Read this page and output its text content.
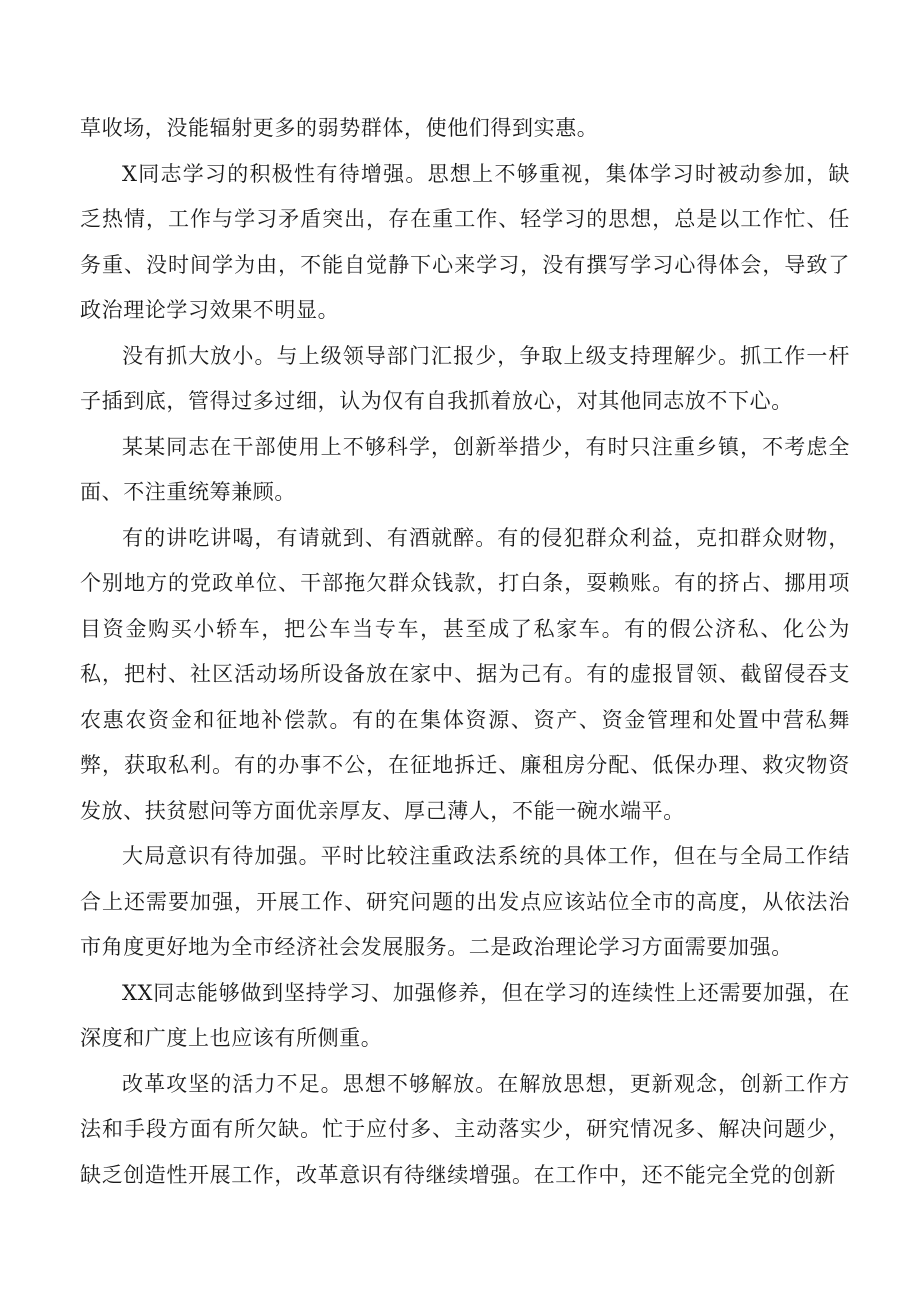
草收场，没能辐射更多的弱势群体，使他们得到实惠。

X同志学习的积极性有待增强。思想上不够重视，集体学习时被动参加，缺乏热情，工作与学习矛盾突出，存在重工作、轻学习的思想，总是以工作忙、任务重、没时间学为由，不能自觉静下心来学习，没有撰写学习心得体会，导致了政治理论学习效果不明显。

没有抓大放小。与上级领导部门汇报少，争取上级支持理解少。抓工作一杆子插到底，管得过多过细，认为仅有自我抓着放心，对其他同志放不下心。

某某同志在干部使用上不够科学，创新举措少，有时只注重乡镇，不考虑全面、不注重统筹兼顾。

有的讲吃讲喝，有请就到、有酒就醉。有的侵犯群众利益，克扣群众财物，个别地方的党政单位、干部拖欠群众钱款，打白条，耍赖账。有的挤占、挪用项目资金购买小轿车，把公车当专车，甚至成了私家车。有的假公济私、化公为私，把村、社区活动场所设备放在家中、据为己有。有的虚报冒领、截留侵吞支农惠农资金和征地补偿款。有的在集体资源、资产、资金管理和处置中营私舞弊，获取私利。有的办事不公，在征地拆迁、廉租房分配、低保办理、救灾物资发放、扶贫慰问等方面优亲厚友、厚己薄人，不能一碗水端平。

大局意识有待加强。平时比较注重政法系统的具体工作，但在与全局工作结合上还需要加强，开展工作、研究问题的出发点应该站位全市的高度，从依法治市角度更好地为全市经济社会发展服务。二是政治理论学习方面需要加强。

XX同志能够做到坚持学习、加强修养，但在学习的连续性上还需要加强，在深度和广度上也应该有所侧重。

改革攻坚的活力不足。思想不够解放。在解放思想，更新观念，创新工作方法和手段方面有所欠缺。忙于应付多、主动落实少，研究情况多、解决问题少，缺乏创造性开展工作，改革意识有待继续增强。在工作中，还不能完全党的创新
